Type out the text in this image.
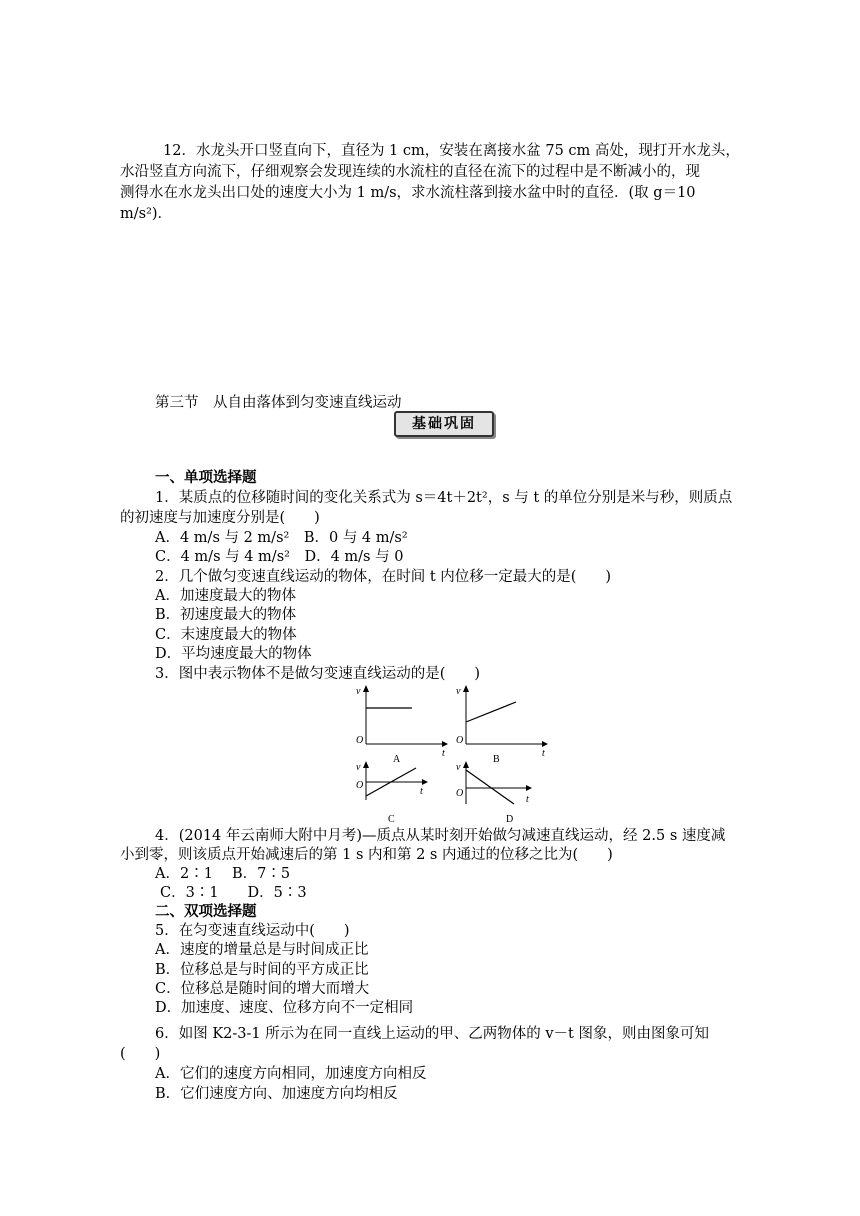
12．水龙头开口竖直向下，直径为 1 cm，安装在离接水盆 75 cm 高处，现打开水龙头，
水沿竖直方向流下，仔细观察会发现连续的水流柱的直径在流下的过程中是不断减小的，现
测得水在水龙头出口处的速度大小为 1 m/s，求水流柱落到接水盆中时的直径．(取 g＝10
m/s²)．
第三节　从自由落体到匀变速直线运动
基础巩固
一、单项选择题
1．某质点的位移随时间的变化关系式为 s＝4t＋2t²，s 与 t 的单位分别是米与秒，则质点
的初速度与加速度分别是(　　)
A．4 m/s 与 2 m/s²　B．0 与 4 m/s²
C．4 m/s 与 4 m/s²　D．4 m/s 与 0
2．几个做匀变速直线运动的物体，在时间 t 内位移一定最大的是(　　)
A．加速度最大的物体
B．初速度最大的物体
C．末速度最大的物体
D．平均速度最大的物体
3．图中表示物体不是做匀变速直线运动的是(　　)
v
O
t
A
v
O
t
B
v
O
t
C
v
O
t
D
4．(2014 年云南师大附中月考)—质点从某时刻开始做匀减速直线运动，经 2.5 s 速度减
小到零，则该质点开始减速后的第 1 s 内和第 2 s 内通过的位移之比为(　　)
A．2∶1　 B．7∶5
C．3∶1　　D．5∶3
二、双项选择题
5．在匀变速直线运动中(　　)
A．速度的增量总是与时间成正比
B．位移总是与时间的平方成正比
C．位移总是随时间的增大而增大
D．加速度、速度、位移方向不一定相同
6．如图 K2-3-1 所示为在同一直线上运动的甲、乙两物体的 v－t 图象，则由图象可知
(　　)
A．它们的速度方向相同，加速度方向相反
B．它们速度方向、加速度方向均相反
